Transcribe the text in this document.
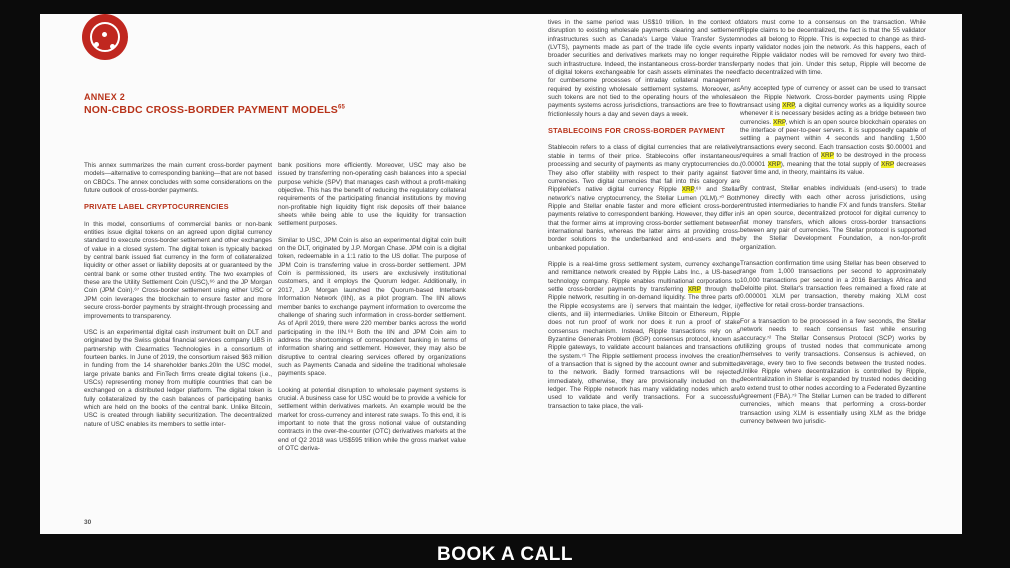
ANNEX 2
NON-CBDC CROSS-BORDER PAYMENT MODELS$^{65}$

This annex summarizes the main current cross-border payment models—alternative to corresponding banking—that are not based on CBDCs. The annex concludes with some considerations on the future outlook of cross-border payments.

PRIVATE LABEL CRYPTOCURRENCIES

In this model, consortiums of commercial banks or non-bank entities issue digital tokens on an agreed upon digital currency standard to execute cross-border settlement and other exchanges of value in a closed system. The digital token is typically backed by central bank issued fiat currency in the form of collateralized liquidity or other asset or liability deposits at or guaranteed by the central bank or some other trusted entity. The two examples of these are the Utility Settlement Coin (USC),⁶⁶ and the JP Morgan Coin (JPM Coin).⁶⁷ Cross-border settlement using either USC or JPM coin leverages the blockchain to ensure faster and more secure cross-border payments by straight-through processing and improvements to transparency.

USC is an experimental digital cash instrument built on DLT and originated by the Swiss global financial services company UBS in partnership with Clearmatics Technologies in a consortium of fourteen banks. In June of 2019, the consortium raised $63 million in funding from the 14 shareholder banks.20In the USC model, large private banks and FinTech firms create digital tokens (i.e., USCs) representing money from multiple countries that can be exchanged on a distributed ledger platform. The digital token is fully collateralized by the cash balances of participating banks which are held on the books of the central bank. Unlike Bitcoin, USC is created through liability securitization. The decentralized nature of USC enables its members to settle inter-

bank positions more efficiently. Moreover, USC may also be issued by transferring non-operating cash balances into a special purpose vehicle (SPV) that manages cash without a profit-making objective. This has the benefit of reducing the regulatory collateral requirements of the participating financial institutions by moving non-profitable high liquidity flight risk deposits off their balance sheets while being able to use the liquidity for transaction settlement purposes.

Similar to USC, JPM Coin is also an experimental digital coin built on the DLT, originated by J.P. Morgan Chase. JPM coin is a digital token, redeemable in a 1:1 ratio to the US dollar. The purpose of JPM Coin is transferring value in cross-border settlement. JPM Coin is permissioned, its users are exclusively institutional customers, and it employs the Quorum ledger. Additionally, in 2017, J.P. Morgan launched the Quorum-based Interbank Information Network (IIN), as a pilot program. The IIN allows member banks to exchange payment information to overcome the challenge of sharing such information in cross-border settlement. As of April 2019, there were 220 member banks across the world participating in the IIN.⁶⁸ Both the IIN and JPM Coin aim to address the shortcomings of correspondent banking in terms of information sharing and settlement. However, they may also be disruptive to central clearing services offered by organizations such as Payments Canada and sideline the traditional wholesale payments space.

Looking at potential disruption to wholesale payment systems is crucial. A business case for USC would be to provide a vehicle for settlement within derivatives markets. An example would be the market for cross-currency and interest rate swaps. To this end, it is important to note that the gross notional value of outstanding contracts in the over-the-counter (OTC) derivatives markets at the end of Q2 2018 was US$595 trillion while the gross market value of OTC deriva-

tives in the same period was US$10 trillion. In the context of disruption to existing wholesale payments clearing and settlement infrastructures such as Canada's Large Value Transfer System (LVTS), payments made as part of the trade life cycle events in broader securities and derivatives markets may no longer require such infrastructure. Indeed, the instantaneous cross-border transfer of digital tokens exchangeable for cash assets eliminates the need for cumbersome processes of intraday collateral management required by existing wholesale settlement systems. Moreover, as such tokens are not tied to the operating hours of the wholesale payments systems across jurisdictions, transactions are free to flow frictionlessly hours a day and seven days a week.

STABLECOINS FOR CROSS-BORDER PAYMENT

Stablecoin refers to a class of digital currencies that are relatively stable in terms of their price. Stablecoins offer instantaneous processing and security of payments as many cryptocurrencies do. They also offer stability with respect to their parity against fiat currencies. Two digital currencies that fall into this category are RippleNet's native digital currency Ripple XRP,⁶⁹ and Stellar network's native cryptocurrency, the Stellar Lumen (XLM).⁷⁰ Both Ripple and Stellar enable faster and more efficient cross-border payments relative to correspondent banking. However, they differ in that the former aims at improving cross-border settlement between international banks, whereas the latter aims at providing cross-border solutions to the underbanked and end-users and the unbanked population.

Ripple is a real-time gross settlement system, currency exchange and remittance network created by Ripple Labs Inc., a US-based technology company. Ripple enables multinational corporations to settle cross-border payments by transferring XRP through the Ripple network, resulting in on-demand liquidity. The three parts of the Ripple ecosystems are i) servers that maintain the ledger, ii) clients, and iii) intermediaries. Unlike Bitcoin or Ethereum, Ripple does not run proof of work nor does it run a proof of stake consensus mechanism. Instead, Ripple transactions rely on a Byzantine Generals Problem (BGP) consensus protocol, known as Ripple gateways, to validate account balances and transactions of the system.⁷¹ The Ripple settlement process involves the creation of a transaction that is signed by the account owner and submitted to the network. Badly formed transactions will be rejected immediately, otherwise, they are provisionally included on the ledger. The Ripple network has many validating nodes which are used to validate and verify transactions. For a successful transaction to take place, the vali-

dators must come to a consensus on the transaction. While Ripple claims to be decentralized, the fact is that the 55 validator nodes all belong to Ripple. This is expected to change as third-party validator nodes join the network. As this happens, each of the Ripple validator nodes will be removed for every two third-party nodes that join. Under this setup, Ripple will become de facto decentralized with time.

Any accepted type of currency or asset can be used to transact on the Ripple Network. Cross-border payments using Ripple transact using XRP, a digital currency works as a liquidity source whenever it is necessary besides acting as a bridge between two currencies. XRP, which is an open source blockchain operates on the interface of peer-to-peer servers. It is supposedly capable of settling a payment within 4 seconds and handling 1,500 transactions every second. Each transaction costs $0.00001 and requires a small fraction of XRP to be destroyed in the process (0.00001 XRP), meaning that the total supply of XRP decreases over time and, in theory, maintains its value.

By contrast, Stellar enables individuals (end-users) to trade money directly with each other across jurisdictions, using entrusted intermediaries to handle FX and funds transfers. Stellar is an open source, decentralized protocol for digital currency to fiat money transfers, which allows cross-border transactions between any pair of currencies. The Stellar protocol is supported by the Stellar Development Foundation, a non-for-profit organization.

Transaction confirmation time using Stellar has been observed to range from 1,000 transactions per second to approximately 10,000 transactions per second in a 2016 Barclays Africa and Deloitte pilot. Stellar's transaction fees remained a fixed rate at 0.000001 XLM per transaction, thereby making XLM cost effective for retail cross-border transactions.

For a transaction to be processed in a few seconds, the Stellar network needs to reach consensus fast while ensuring accuracy.⁷² The Stellar Consensus Protocol (SCP) works by utilizing groups of trusted nodes that communicate among themselves to verify transactions. Consensus is achieved, on average, every two to five seconds between the trusted nodes. Unlike Ripple where decentralization is controlled by Ripple, decentralization in Stellar is expanded by trusted nodes deciding to extend trust to other nodes according to a Federated Byzantine Agreement (FBA).⁷³ The Stellar Lumen can be traded to different currencies, which means that performing a cross-border transaction using XLM is essentially using XLM as the bridge currency between two jurisdic-

30
BOOK A CALL
